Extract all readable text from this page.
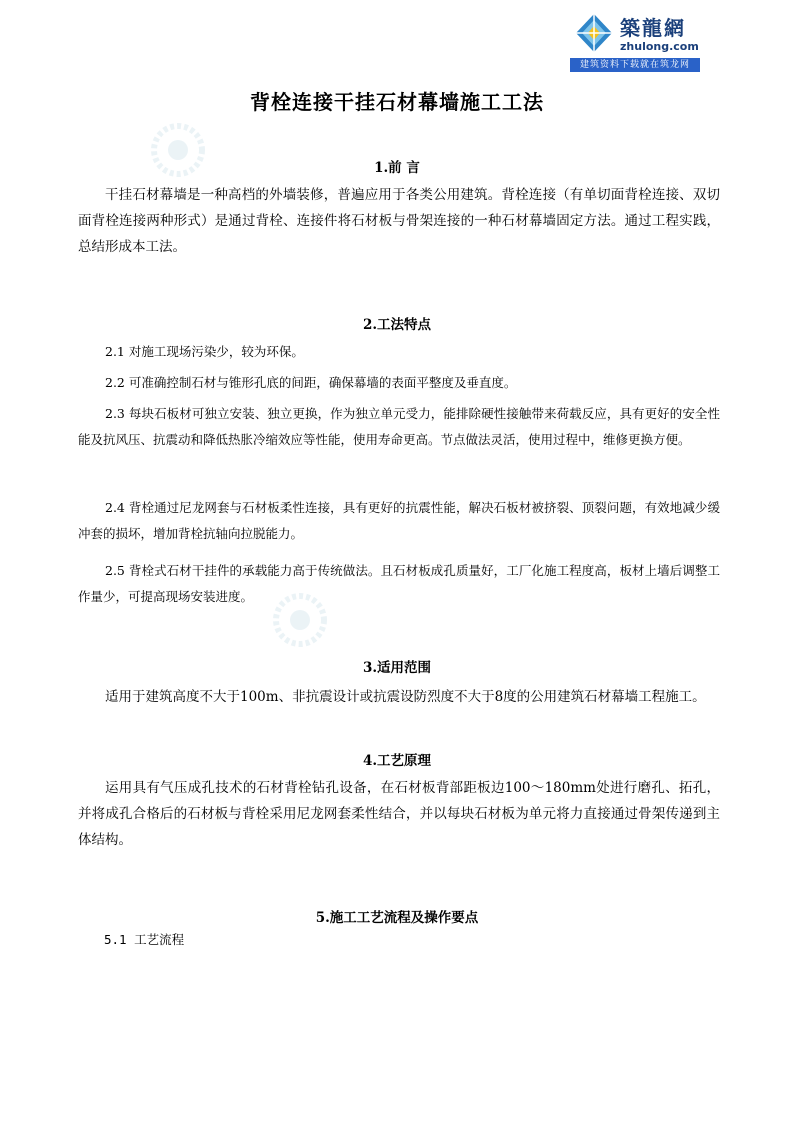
築龍網
zhulong.com
建筑资料下载就在筑龙网
背栓连接干挂石材幕墙施工工法
1.前 言
干挂石材幕墙是一种高档的外墙装修，普遍应用于各类公用建筑。背栓连接（有单切面背栓连接、双切面背栓连接两种形式）是通过背栓、连接件将石材板与骨架连接的一种石材幕墙固定方法。通过工程实践，总结形成本工法。
2.工法特点
2.1 对施工现场污染少，较为环保。
2.2 可准确控制石材与锥形孔底的间距，确保幕墙的表面平整度及垂直度。
2.3 每块石板材可独立安装、独立更换，作为独立单元受力，能排除硬性接触带来荷载反应，具有更好的安全性能及抗风压、抗震动和降低热胀冷缩效应等性能，使用寿命更高。节点做法灵活，使用过程中，维修更换方便。
2.4 背栓通过尼龙网套与石材板柔性连接，具有更好的抗震性能，解决石板材被挤裂、顶裂问题，有效地减少缓冲套的损坏，增加背栓抗轴向拉脱能力。
2.5 背栓式石材干挂件的承载能力高于传统做法。且石材板成孔质量好，工厂化施工程度高，板材上墙后调整工作量少，可提高现场安装进度。
3.适用范围
适用于建筑高度不大于100m、非抗震设计或抗震设防烈度不大于8度的公用建筑石材幕墙工程施工。
4.工艺原理
运用具有气压成孔技术的石材背栓钻孔设备，在石材板背部距板边100～180mm处进行磨孔、拓孔，并将成孔合格后的石材板与背栓采用尼龙网套柔性结合，并以每块石材板为单元将力直接通过骨架传递到主体结构。
5.施工工艺流程及操作要点
5.1 工艺流程
